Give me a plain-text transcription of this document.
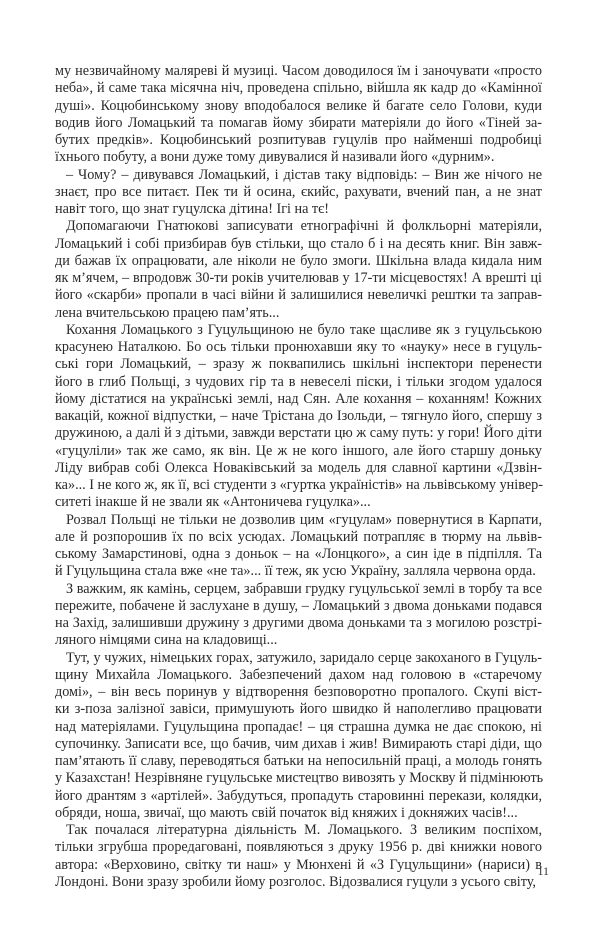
му незвичайному маляреві й музиці. Часом доводилося їм і заночувати «просто
неба», й саме така місячна ніч, проведена спільно, війшла як кадр до «Камінної
душі». Коцюбинському знову вподобалося велике й багате село Голови, куди
водив його Ломацький та помагав йому збирати матеріяли до його «Тіней за-
бутих предків». Коцюбинський розпитував гуцулів про найменші подробиці
їхнього побуту, а вони дуже тому дивувалися й називали його «дурним».
– Чому? – дивувався Ломацький, і дістав таку відповідь: – Вин же нічого не
знаєт, про все питаєт. Пек ти й осина, єкийс, рахувати, вчений пан, а не знат
навіт того, що знат гуцулска дітина! Ігі на тє!
Допомагаючи Гнатюкові записувати етнографічні й фолкльорні матеріяли,
Ломацький і собі призбирав був стільки, що стало б і на десять книг. Він завж-
ди бажав їх опрацювати, але ніколи не було змоги. Шкільна влада кидала ним
як м’ячем, – впродовж 30-ти років учителював у 17-ти місцевостях! А врешті ці
його «скарби» пропали в часі війни й залишилися невеличкі рештки та заправ-
лена вчительською працею пам’ять...
Кохання Ломацького з Гуцульщиною не було таке щасливе як з гуцульською
красунею Наталкою. Бо ось тільки пронюхавши яку то «науку» несе в гуцуль-
ські гори Ломацький, – зразу ж поквапились шкільні інспектори перенести
його в глиб Польщі, з чудових гір та в невеселі піски, і тільки згодом удалося
йому дістатися на українські землі, над Сян. Але кохання – коханням! Кожних
вакацій, кожної відпустки, – наче Трістана до Ізольди, – тягнуло його, спершу з
дружиною, а далі й з дітьми, завжди верстати цю ж саму путь: у гори! Його діти
«гуцуліли» так же само, як він. Це ж не кого іншого, але його старшу доньку
Ліду вибрав собі Олекса Новаківський за модель для славної картини «Дзвін-
ка»... І не кого ж, як її, всі студенти з «гуртка україністів» на львівському універ-
ситеті інакше й не звали як «Антоничева гуцулка»...
Розвал Польщі не тільки не дозволив цим «гуцулам» повернутися в Карпати,
але й розпорошив їх по всіх усюдах. Ломацький потрапляє в тюрму на львів-
ському Замарстинові, одна з доньок – на «Лонцкого», а син іде в підпілля. Та
й Гуцульщина стала вже «не та»... її теж, як усю Україну, залляла червона орда.
З важким, як камінь, серцем, забравши грудку гуцульської землі в торбу та все
пережите, побачене й заслухане в душу, – Ломацький з двома доньками подався
на Захід, залишивши дружину з другими двома доньками та з могилою розстрі-
ляного німцями сина на кладовищі...
Тут, у чужих, німецьких горах, затужило, заридало серце закоханого в Гуцуль-
щину Михайла Ломацького. Забезпечений дахом над головою в «старечому
домі», – він весь поринув у відтворення безповоротно пропалого. Скупі віст-
ки з-поза залізної завіси, примушують його швидко й наполегливо працювати
над матеріялами. Гуцульщина пропадає! – ця страшна думка не дає спокою, ні
супочинку. Записати все, що бачив, чим дихав і жив! Вимирають старі діди, що
пам’ятають її славу, переводяться батьки на непосильній праці, а молодь гонять
у Казахстан! Незрівняне гуцульське мистецтво вивозять у Москву й підмінюють
його дрантям з «артілей». Забудуться, пропадуть старовинні перекази, колядки,
обряди, ноша, звичаї, що мають свій початок від княжих і докняжих часів!...
Так почалася літературна діяльність М. Ломацького. З великим поспіхом,
тільки згрубша проредаговані, появляються з друку 1956 р. дві книжки нового
автора: «Верховино, світку ти наш» у Мюнхені й «З Гуцульщини» (нариси) в
Лондоні. Вони зразу зробили йому розголос. Відозвалися гуцули з усього світу,
11
